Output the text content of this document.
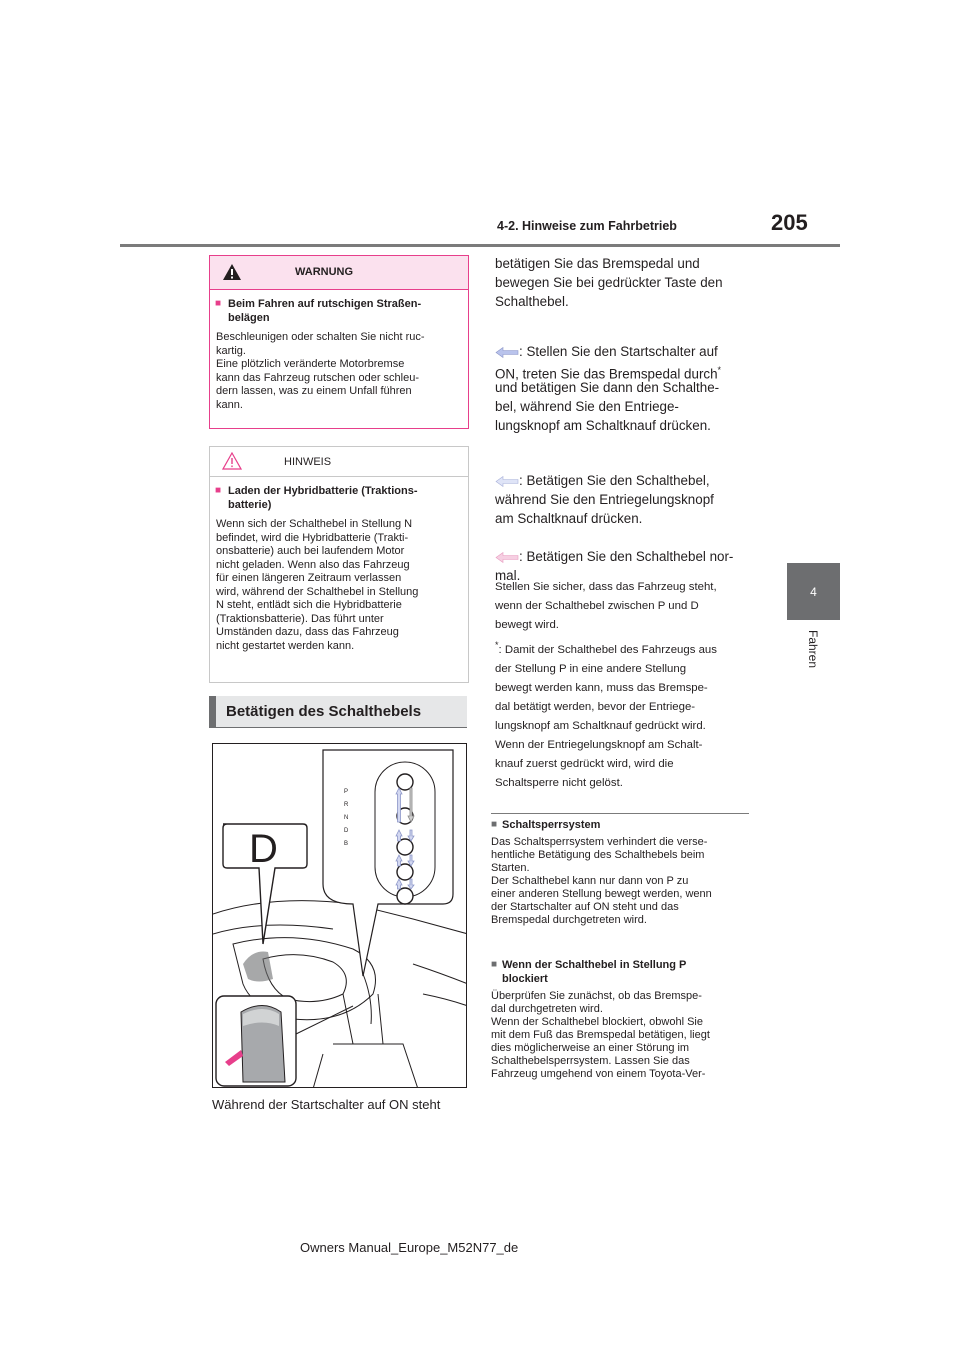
4-2. Hinweise zum Fahrbetrieb	205
4
Fahren
WARNUNG
■ Beim Fahren auf rutschigen Straßen-
belägen
Beschleunigen oder schalten Sie nicht ruc-
kartig.
Eine plötzlich veränderte Motorbremse
kann das Fahrzeug rutschen oder schleu-
dern lassen, was zu einem Unfall führen
kann.
HINWEIS
■ Laden der Hybridbatterie (Traktions-
batterie)
Wenn sich der Schalthebel in Stellung N
befindet, wird die Hybridbatterie (Trakti-
onsbatterie) auch bei laufendem Motor
nicht geladen. Wenn also das Fahrzeug
für einen längeren Zeitraum verlassen
wird, während der Schalthebel in Stellung
N steht, entlädt sich die Hybridbatterie
(Traktionsbatterie). Das führt unter
Umständen dazu, dass das Fahrzeug
nicht gestartet werden kann.
Betätigen des Schalthebels
P
R
N
D
B
D
Während der Startschalter auf ON steht
betätigen Sie das Bremspedal und
bewegen Sie bei gedrückter Taste den
Schalthebel.

: Stellen Sie den Startschalter auf
ON, treten Sie das Bremspedal durch*

und betätigen Sie dann den Schalthe-
bel, während Sie den Entriege-
lungsknopf am Schaltknauf drücken.

: Betätigen Sie den Schalthebel,
während Sie den Entriegelungsknopf
am Schaltknauf drücken.

: Betätigen Sie den Schalthebel nor-
mal.

Stellen Sie sicher, dass das Fahrzeug steht,
wenn der Schalthebel zwischen P und D
bewegt wird.
*: Damit der Schalthebel des Fahrzeugs aus
der Stellung P in eine andere Stellung
bewegt werden kann, muss das Bremspe-
dal betätigt werden, bevor der Entriege-
lungsknopf am Schaltknauf gedrückt wird.
Wenn der Entriegelungsknopf am Schalt-
knauf zuerst gedrückt wird, wird die
Schaltsperre nicht gelöst.
■ Schaltsperrsystem
Das Schaltsperrsystem verhindert die verse-
hentliche Betätigung des Schalthebels beim
Starten.
Der Schalthebel kann nur dann von P zu
einer anderen Stellung bewegt werden, wenn
der Startschalter auf ON steht und das
Bremspedal durchgetreten wird.
■ Wenn der Schalthebel in Stellung P
blockiert
Überprüfen Sie zunächst, ob das Bremspe-
dal durchgetreten wird.
Wenn der Schalthebel blockiert, obwohl Sie
mit dem Fuß das Bremspedal betätigen, liegt
dies möglicherweise an einer Störung im
Schalthebelsperrsystem. Lassen Sie das
Fahrzeug umgehend von einem Toyota-Ver-
Owners Manual_Europe_M52N77_de
